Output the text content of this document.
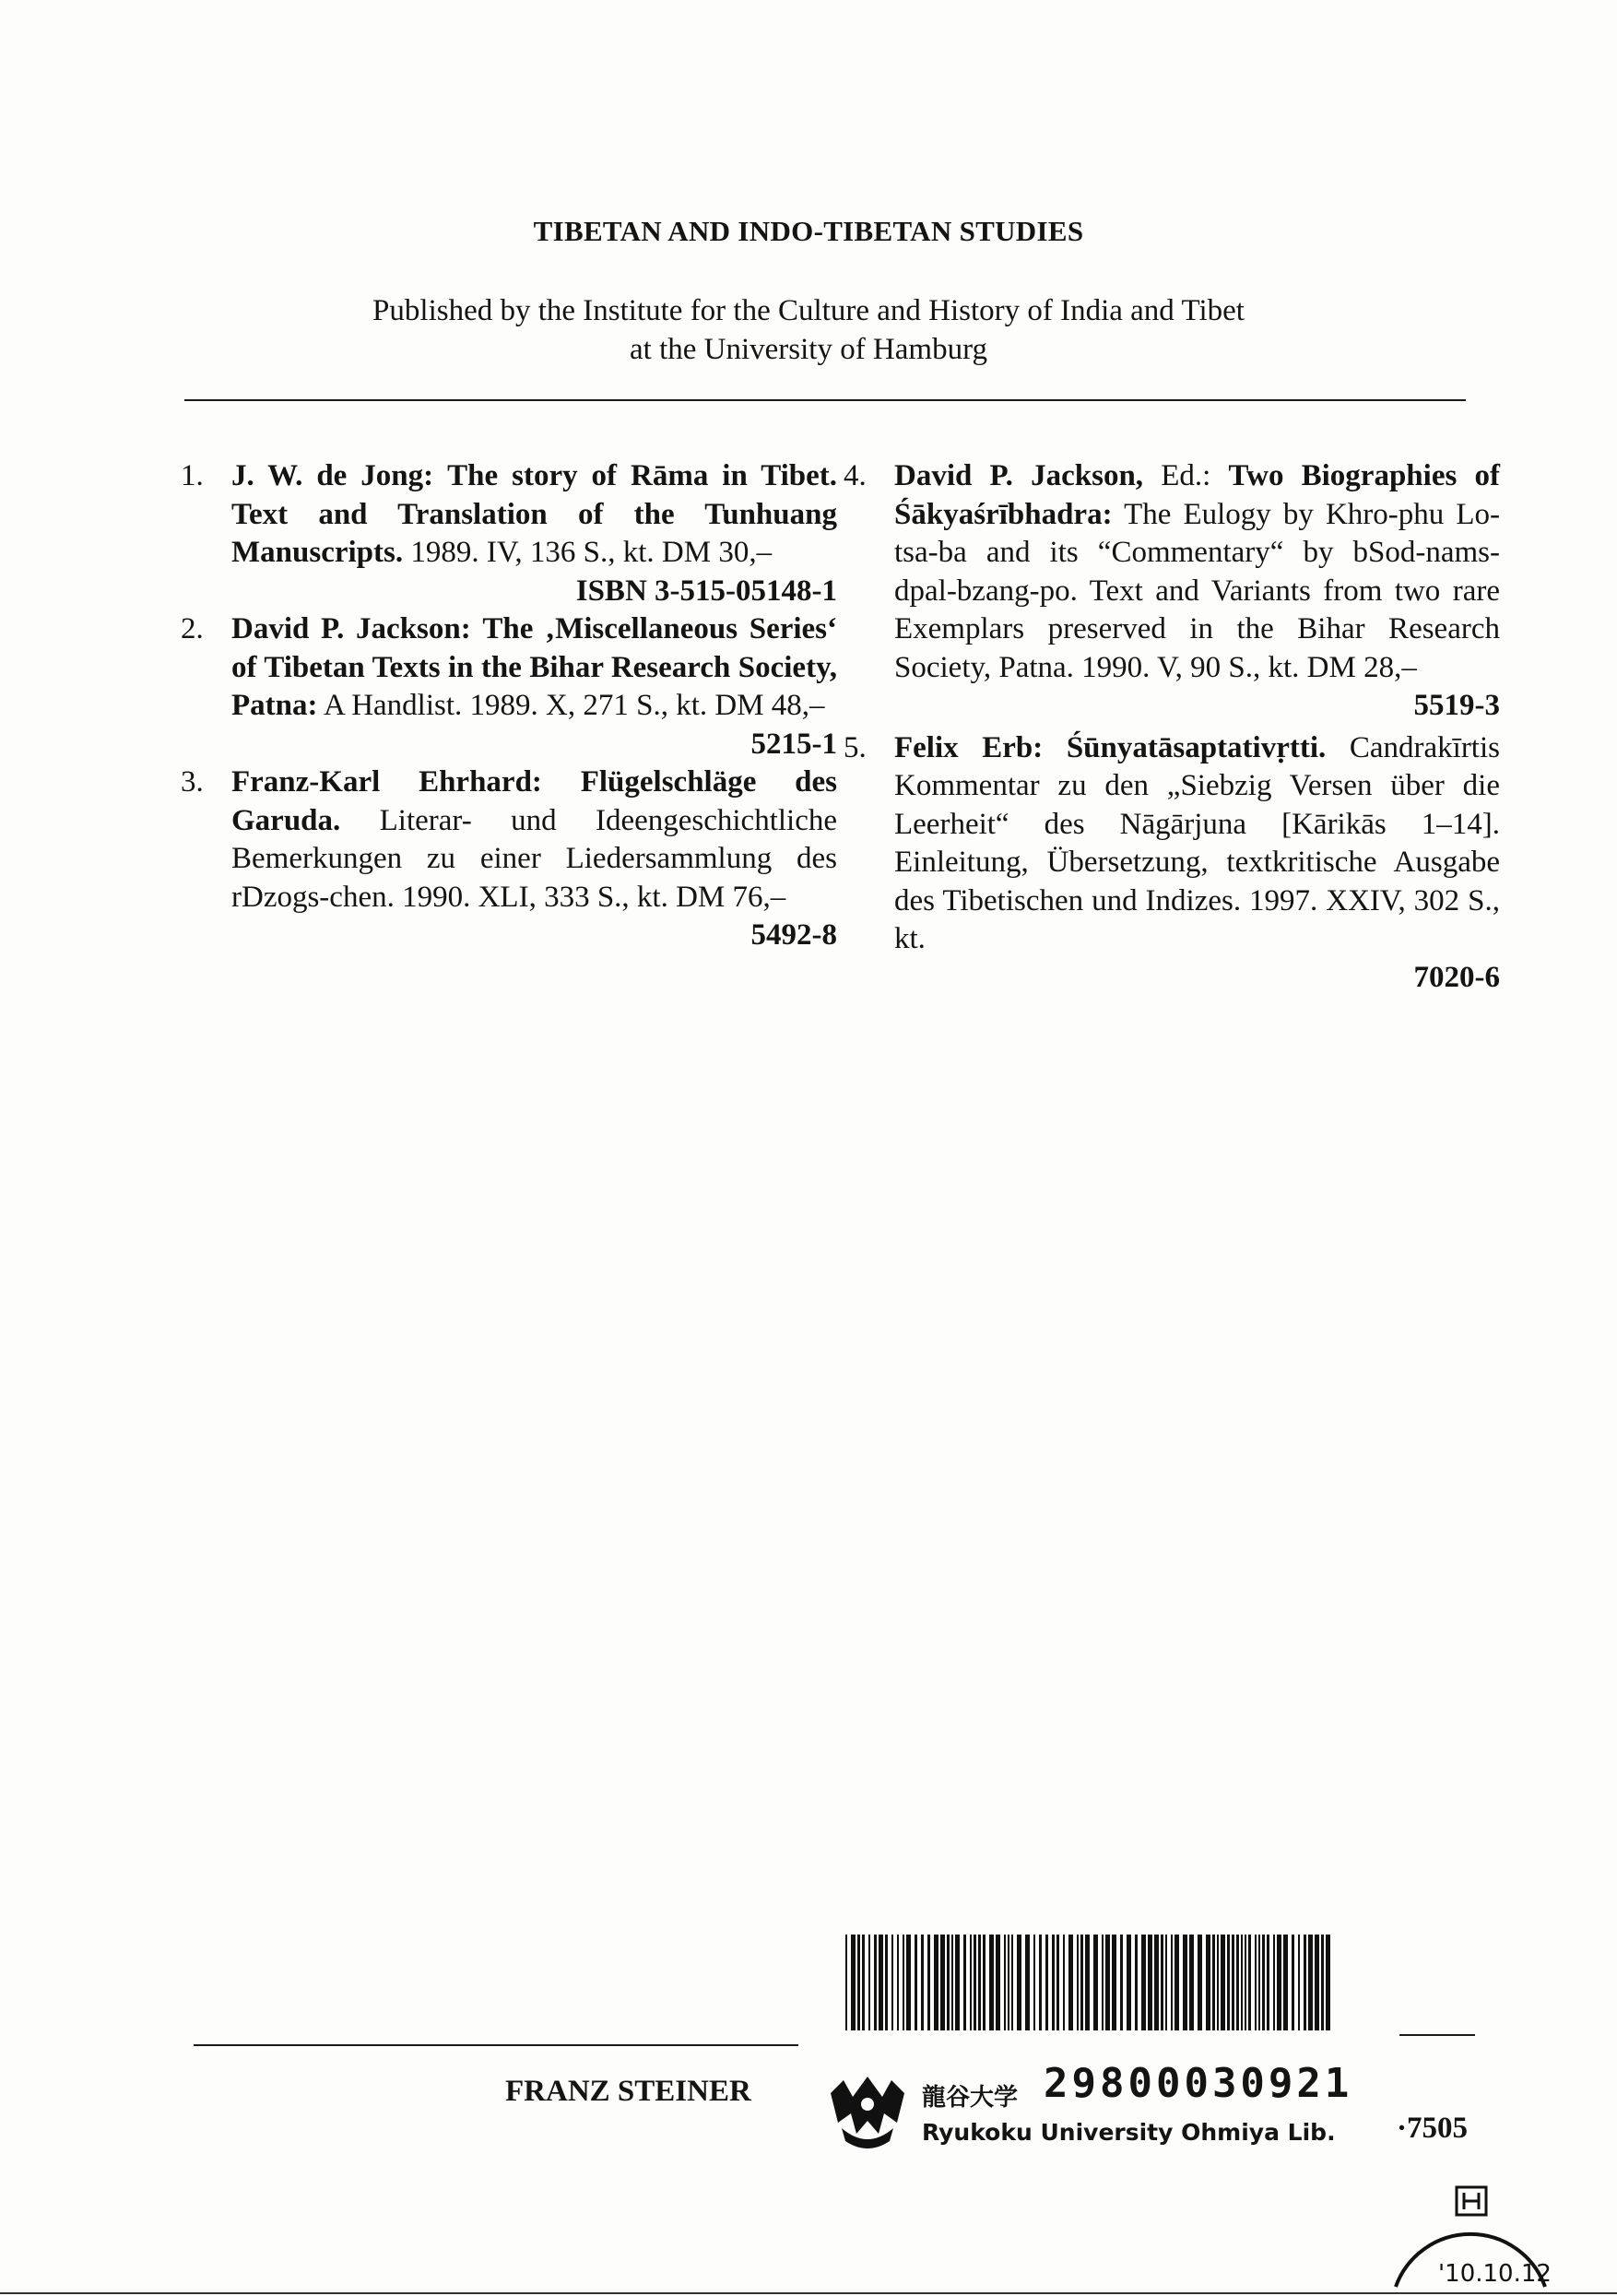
TIBETAN AND INDO-TIBETAN STUDIES
Published by the Institute for the Culture and History of India and Tibet
at the University of Hamburg
1. J. W. de Jong: The story of Rāma in Tibet. Text and Translation of the Tunhuang Manuscripts. 1989. IV, 136 S., kt. DM 30,–
ISBN 3-515-05148-1
2. David P. Jackson: The ‚Miscellaneous Series‘ of Tibetan Texts in the Bihar Research Society, Patna: A Handlist. 1989. X, 271 S., kt. DM 48,–
5215-1
3. Franz-Karl Ehrhard: Flügelschläge des Garuda. Literar- und Ideengeschichtliche Bemerkungen zu einer Liedersammlung des rDzogs-chen. 1990. XLI, 333 S., kt. DM 76,–
5492-8
4. David P. Jackson, Ed.: Two Biographies of Śākyaśrībhadra: The Eulogy by Khro-phu Lo-tsa-ba and its “Commentary“ by bSod-nams-dpal-bzang-po. Text and Variants from two rare Exemplars preserved in the Bihar Research Society, Patna. 1990. V, 90 S., kt. DM 28,–
5519-3
5. Felix Erb: Śūnyatāsaptativṛtti. Candrakīrtis Kommentar zu den „Siebzig Versen über die Leerheit“ des Nāgārjuna [Kārikās 1–14]. Einleitung, Übersetzung, textkritische Ausgabe des Tibetischen und Indizes. 1997. XXIV, 302 S., kt.
7020-6
FRANZ STEINER	龍谷大学 29800030921
Ryukoku University Ohmiya Lib. ·7505
'10.10.12
